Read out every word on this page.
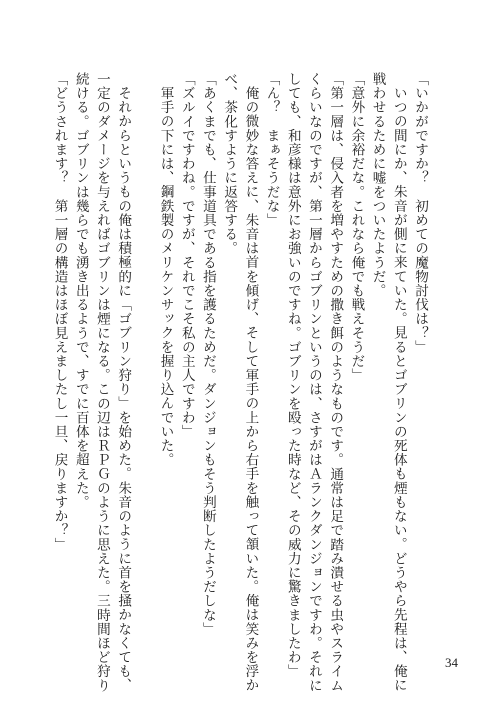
「いかがですか？　初めての魔物討伐は？」

いつの間にか、朱音が側に来ていた。見るとゴブリンの死体も煙もない。どうやら先程は、俺に

戦わせるために嘘をついたようだ。

「意外に余裕だな。これなら俺でも戦えそうだ」

「第一層は、侵入者を増やすための撒き餌のようなものです。通常は足で踏み潰せる虫やスライム

くらいなのですが、第一層からゴブリンというのは、さすがはＡランクダンジョンですわ。それに

しても、和彦様は意外にお強いのですね。ゴブリンを殴った時など、その威力に驚きましたわ」

「ん？　まぁそうだな」

俺の微妙な答えに、朱音は首を傾げ、そして軍手の上から右手を触って頷いた。俺は笑みを浮か

べ、茶化すように返答する。

「あくまでも、仕事道具である指を護るためだ。ダンジョンもそう判断したようだしな」

「ズルイですわね。ですが、それでこそ私の主人ですわ」

軍手の下には、鋼鉄製のメリケンサックを握り込んでいた。

それからというもの俺は積極的に「ゴブリン狩り」を始めた。朱音のように首を掻かなくても、

一定のダメージを与えればゴブリンは煙になる。この辺はＲＰＧのように思えた。三時間ほど狩り

続ける。ゴブリンは幾らでも湧き出るようで、すでに百体を超えた。

「どうされます？　第一層の構造はほぼ見えましたし一旦、戻りますか？」

34
